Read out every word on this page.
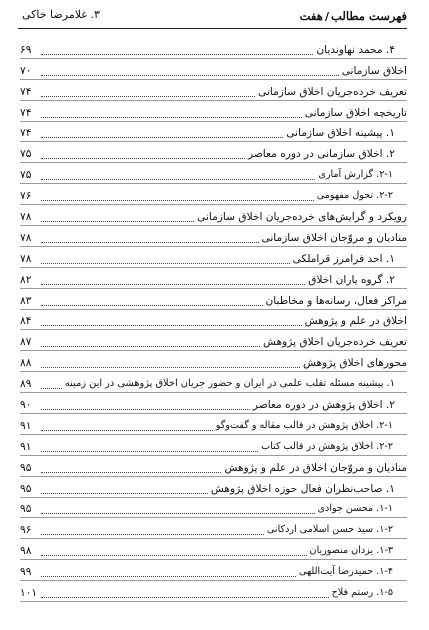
فهرست مطالب/هفت
۳. غلامرضا خاکی
۴. محمد نهاوندیان
۶۹
اخلاق سازمانی
۷۰
تعریف خرده‌جریان اخلاق سازمانی
۷۴
تاریخچه اخلاق سازمانی
۷۴
۱. پیشینه اخلاق سازمانی
۷۴
۲. اخلاق سازمانی در دوره معاصر
۷۵
۲-۱. گزارش آماری
۷۵
۲-۲. تحول مفهومی
۷۶
رویکرد و گرایش‌های خرده‌جریان اخلاق سازمانی
۷۸
منادیان و مروّجان اخلاق سازمانی
۷۸
۱. احد فرامرز قراملکی
۷۸
۲. گروه یاران اخلاق
۸۲
مراکز فعال، رسانه‌ها و مخاطبان
۸۳
اخلاق در علم و پژوهش
۸۴
تعریف خرده‌جریان اخلاق پژوهش
۸۷
محورهای اخلاق پژوهش
۸۸
۱. پیشینه مسئله تقلب علمی در ایران و حضور جریان اخلاق پژوهشی در این زمینه
۸۹
۲. اخلاق پژوهش در دوره معاصر
۹۰
۲-۱. اخلاق پژوهش در قالب مقاله و گفت‌وگو
۹۱
۲-۲. اخلاق پژوهش در قالب کتاب
۹۱
منادیان و مروّجان اخلاق در علم و پژوهش
۹۵
۱. صاحب‌نظران فعال حوزه اخلاق پژوهش
۹۵
۱-۱. محسن جوادی
۹۵
۱-۲. سید حسن اسلامی اردکانی
۹۶
۱-۳. یزدان منصوریان
۹۸
۱-۴. حمیدرضا آیت‌اللهی
۹۹
۱-۵. رستم فلاح
۱۰۱
